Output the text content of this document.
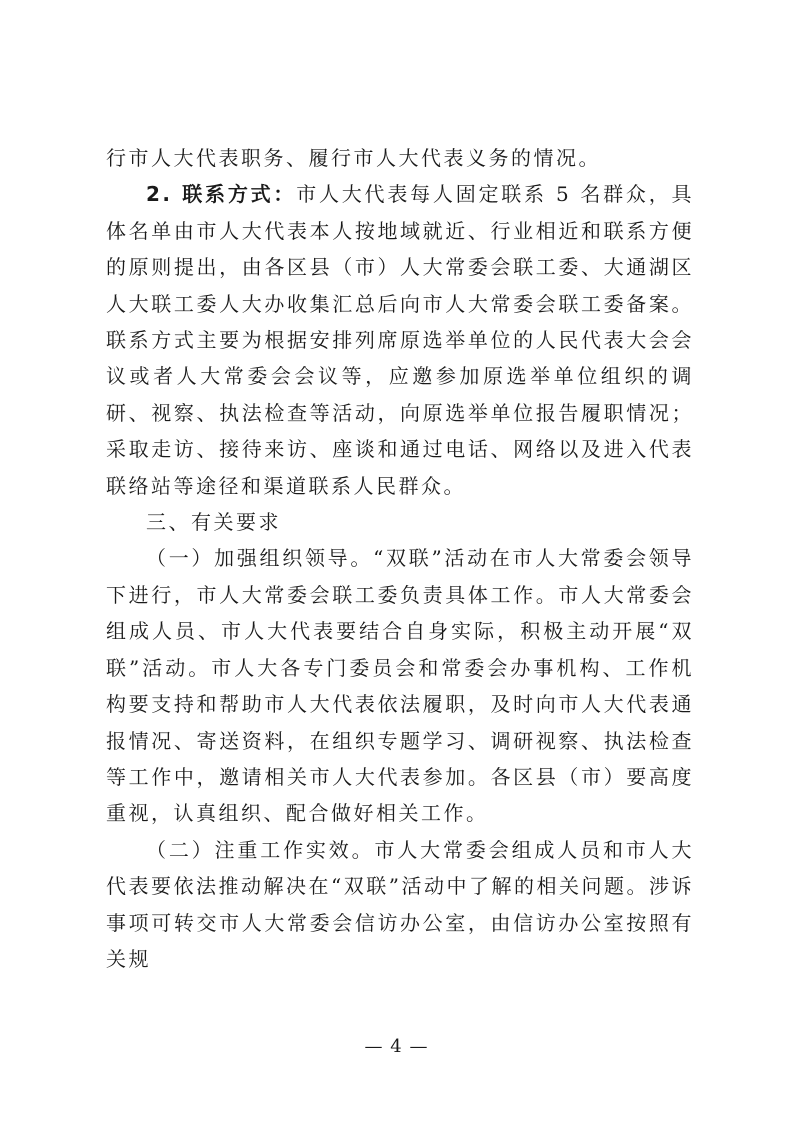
行市人大代表职务、履行市人大代表义务的情况。

2. 联系方式：市人大代表每人固定联系 5 名群众，具体名单由市人大代表本人按地域就近、行业相近和联系方便的原则提出，由各区县（市）人大常委会联工委、大通湖区人大联工委人大办收集汇总后向市人大常委会联工委备案。联系方式主要为根据安排列席原选举单位的人民代表大会会议或者人大常委会会议等，应邀参加原选举单位组织的调研、视察、执法检查等活动，向原选举单位报告履职情况；采取走访、接待来访、座谈和通过电话、网络以及进入代表联络站等途径和渠道联系人民群众。

三、有关要求

（一）加强组织领导。“双联”活动在市人大常委会领导下进行，市人大常委会联工委负责具体工作。市人大常委会组成人员、市人大代表要结合自身实际，积极主动开展“双联”活动。市人大各专门委员会和常委会办事机构、工作机构要支持和帮助市人大代表依法履职，及时向市人大代表通报情况、寄送资料，在组织专题学习、调研视察、执法检查等工作中，邀请相关市人大代表参加。各区县（市）要高度重视，认真组织、配合做好相关工作。

（二）注重工作实效。市人大常委会组成人员和市人大代表要依法推动解决在“双联”活动中了解的相关问题。涉诉事项可转交市人大常委会信访办公室，由信访办公室按照有关规

— 4 —
